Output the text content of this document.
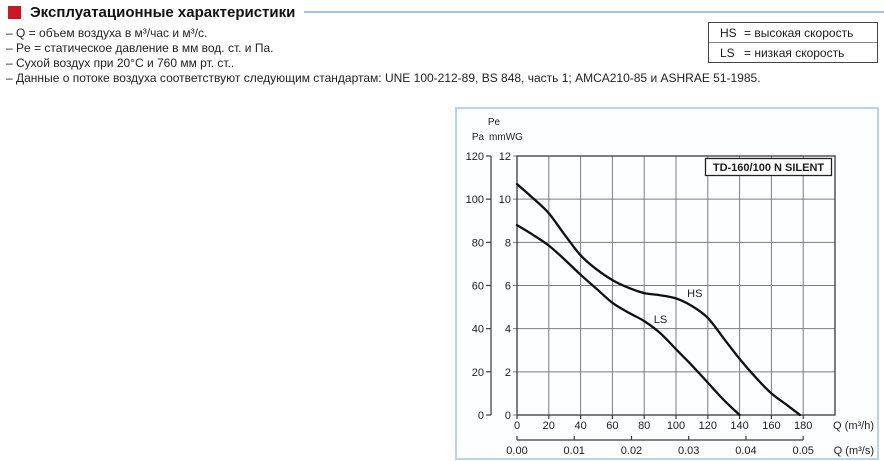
Эксплуатационные характеристики
– Q = объем воздуха в м³/час и м³/с.
– Pe = статическое давление в мм вод. ст. и Па.
– Сухой воздух при 20°C и 760 мм рт. ст..
– Данные о потоке воздуха соответствуют следующим стандартам: UNE 100-212-89, BS 848, часть 1; AMCA210-85 и ASHRAE 51-1985.
HS = высокая скорость
LS = низкая скорость
120
100
80
60
40
20
0
12
10
8
6
4
2
0
Pe
Pa mmWG
0 20 40 60 80 100 120 140 160 180 Q (m³/h)
0.00	0.01	0.02	0.03	0.04	0.05 Q (m³/s)
HS
LS
TD-160/100 N SILENT
